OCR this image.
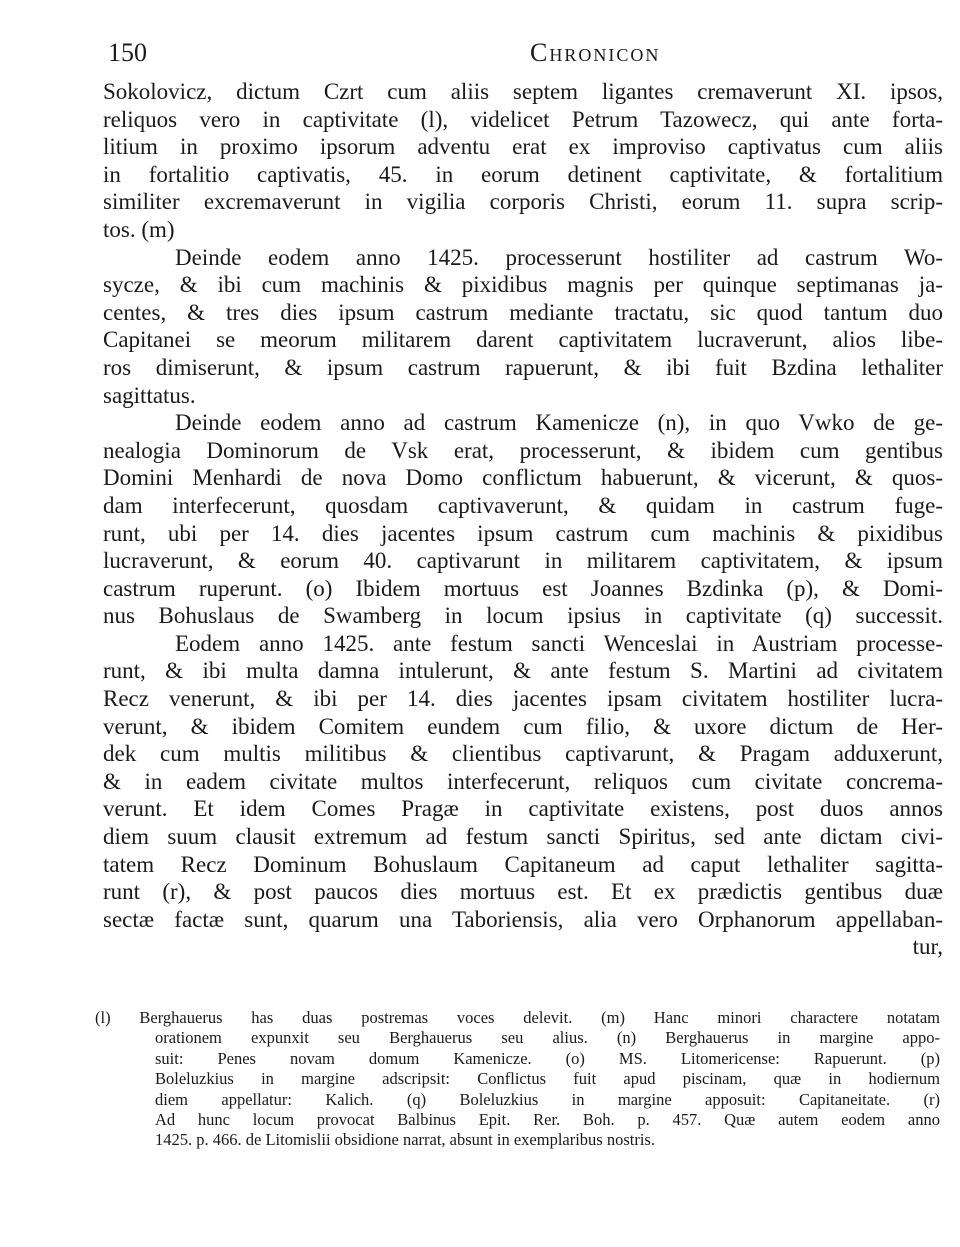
150	Chronicon
Sokolovicz, dictum Czrt cum aliis septem ligantes cremaverunt XI. ipsos,
reliquos vero in captivitate (l), videlicet Petrum Tazowecz, qui ante forta-
litium in proximo ipsorum adventu erat ex improviso captivatus cum aliis
in fortalitio captivatis, 45. in eorum detinent captivitate, & fortalitium
similiter excremaverunt in vigilia corporis Christi, eorum 11. supra scrip-
tos. (m)
Deinde eodem anno 1425. processerunt hostiliter ad castrum Wo-
sycze, & ibi cum machinis & pixidibus magnis per quinque septimanas ja-
centes, & tres dies ipsum castrum mediante tractatu, sic quod tantum duo
Capitanei se meorum militarem darent captivitatem lucraverunt, alios libe-
ros dimiserunt, & ipsum castrum rapuerunt, & ibi fuit Bzdina lethaliter
sagittatus.
Deinde eodem anno ad castrum Kamenicze (n), in quo Vwko de ge-
nealogia Dominorum de Vsk erat, processerunt, & ibidem cum gentibus
Domini Menhardi de nova Domo conflictum habuerunt, & vicerunt, & quos-
dam interfecerunt, quosdam captivaverunt, & quidam in castrum fuge-
runt, ubi per 14. dies jacentes ipsum castrum cum machinis & pixidibus
lucraverunt, & eorum 40. captivarunt in militarem captivitatem, & ipsum
castrum ruperunt. (o) Ibidem mortuus est Joannes Bzdinka (p), & Domi-
nus Bohuslaus de Swamberg in locum ipsius in captivitate (q) successit.
Eodem anno 1425. ante festum sancti Wenceslai in Austriam processe-
runt, & ibi multa damna intulerunt, & ante festum S. Martini ad civitatem
Recz venerunt, & ibi per 14. dies jacentes ipsam civitatem hostiliter lucra-
verunt, & ibidem Comitem eundem cum filio, & uxore dictum de Her-
dek cum multis militibus & clientibus captivarunt, & Pragam adduxerunt,
& in eadem civitate multos interfecerunt, reliquos cum civitate concrema-
verunt. Et idem Comes Pragæ in captivitate existens, post duos annos
diem suum clausit extremum ad festum sancti Spiritus, sed ante dictam civi-
tatem Recz Dominum Bohuslaum Capitaneum ad caput lethaliter sagitta-
runt (r), & post paucos dies mortuus est. Et ex prædictis gentibus duæ
sectæ factæ sunt, quarum una Taboriensis, alia vero Orphanorum appellaban-
tur,
(l) Berghauerus has duas postremas voces delevit. (m) Hanc minori charactere notatam
orationem expunxit seu Berghauerus seu alius. (n) Berghauerus in margine appo-
suit: Penes novam domum Kamenicze. (o) MS. Litomericense: Rapuerunt. (p)
Boleluzkius in margine adscripsit: Conflictus fuit apud piscinam, quæ in hodiernum
diem appellatur: Kalich. (q) Boleluzkius in margine apposuit: Capitaneitate. (r)
Ad hunc locum provocat Balbinus Epit. Rer. Boh. p. 457. Quæ autem eodem anno
1425. p. 466. de Litomislii obsidione narrat, absunt in exemplaribus nostris.
